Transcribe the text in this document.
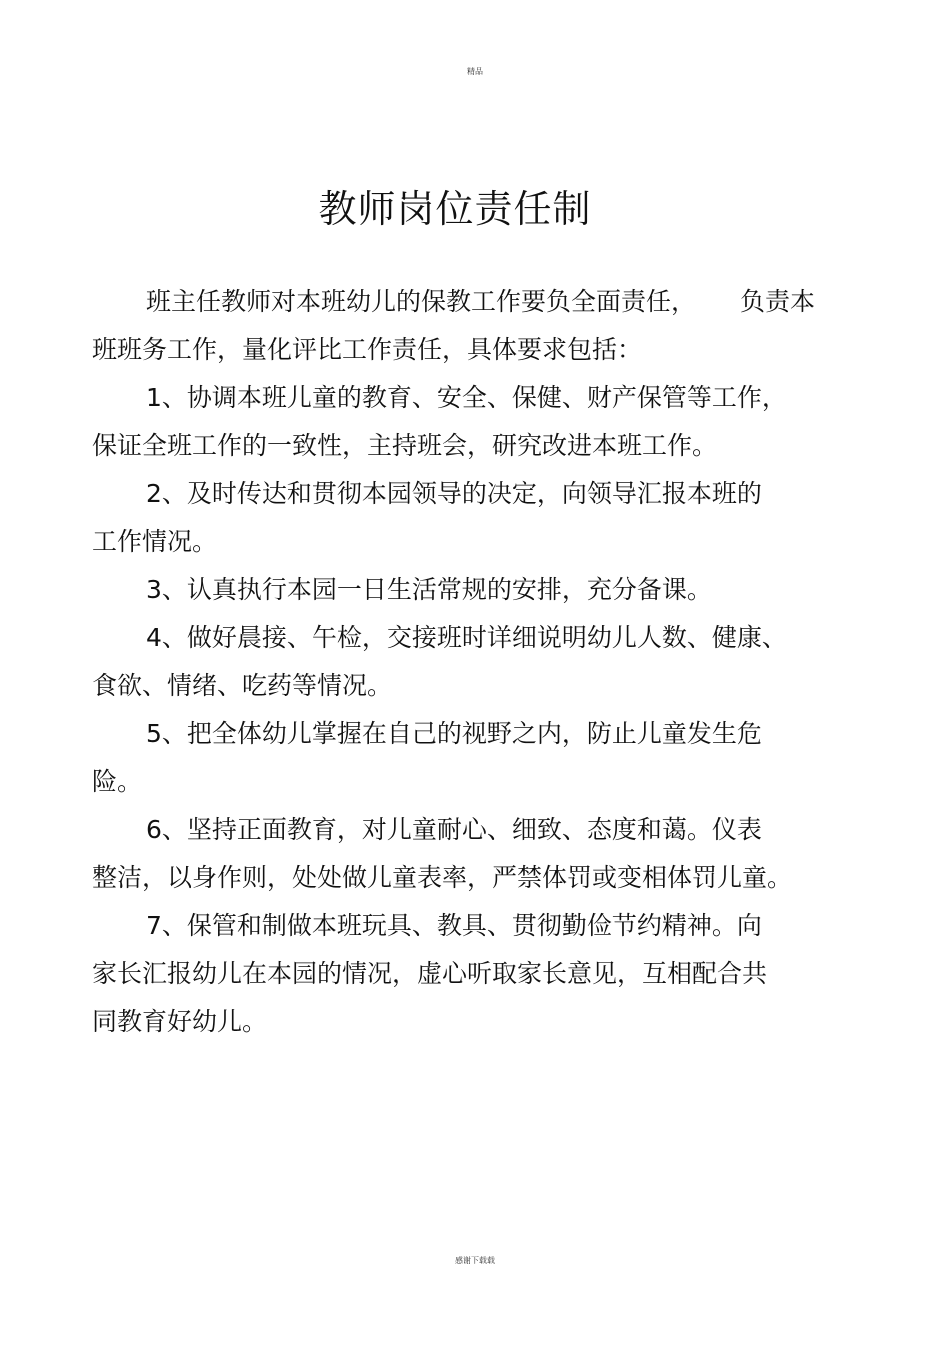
精品
教师岗位责任制
班主任教师对本班幼儿的保教工作要负全面责任， 负责本
班班务工作，量化评比工作责任，具体要求包括：
1、协调本班儿童的教育、安全、保健、财产保管等工作，
保证全班工作的一致性，主持班会，研究改进本班工作。
2、及时传达和贯彻本园领导的决定，向领导汇报本班的
工作情况。
3、认真执行本园一日生活常规的安排，充分备课。
4、做好晨接、午检，交接班时详细说明幼儿人数、健康、
食欲、情绪、吃药等情况。
5、把全体幼儿掌握在自己的视野之内，防止儿童发生危
险。
6、坚持正面教育，对儿童耐心、细致、态度和蔼。仪表
整洁，以身作则，处处做儿童表率，严禁体罚或变相体罚儿童。
7、保管和制做本班玩具、教具、贯彻勤俭节约精神。向
家长汇报幼儿在本园的情况，虚心听取家长意见，互相配合共
同教育好幼儿。
感谢下载载
